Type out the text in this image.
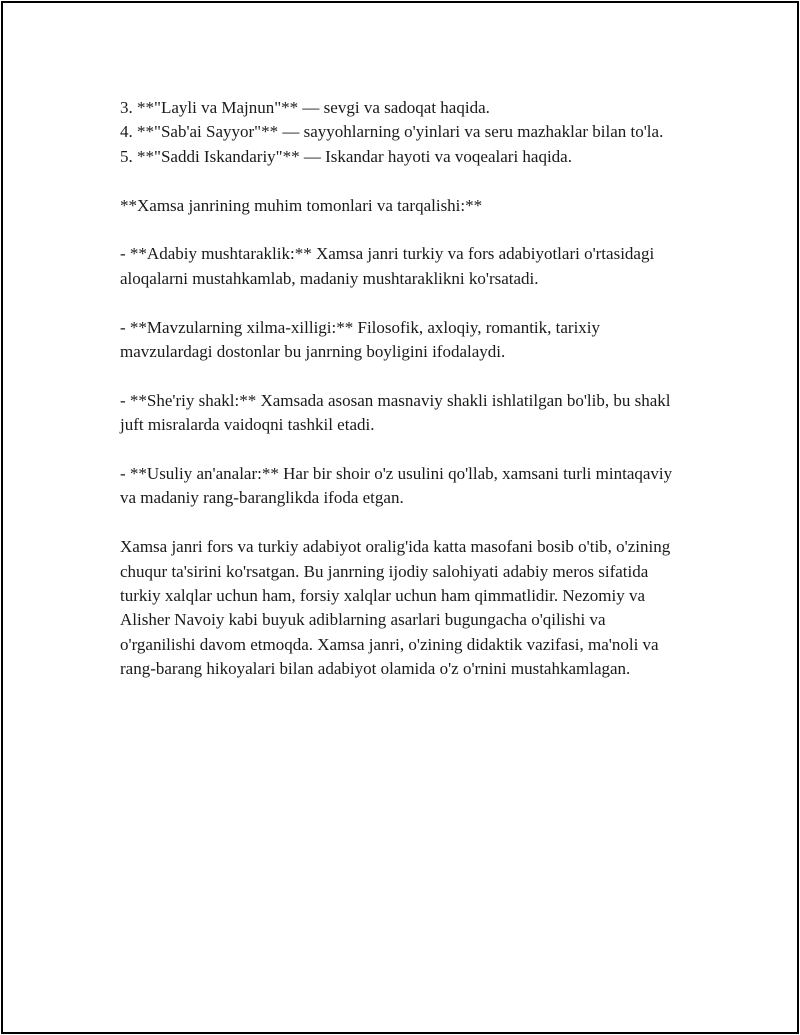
3. **"Layli va Majnun"** — sevgi va sadoqat haqida.
4. **"Sab'ai Sayyor"** — sayyohlarning o'yinlari va seru mazhaklar bilan to'la.
5. **"Saddi Iskandariy"** — Iskandar hayoti va voqealari haqida.
**Xamsa janrining muhim tomonlari va tarqalishi:**
- **Adabiy mushtaraklik:** Xamsa janri turkiy va fors adabiyotlari o'rtasidagi aloqalarni mustahkamlab, madaniy mushtaraklikni ko'rsatadi.
- **Mavzularning xilma-xilligi:** Filosofik, axloqiy, romantik, tarixiy mavzulardagi dostonlar bu janrning boyligini ifodalaydi.
- **She'riy shakl:** Xamsada asosan masnaviy shakli ishlatilgan bo'lib, bu shakl juft misralarda vaidoqni tashkil etadi.
- **Usuliy an'analar:** Har bir shoir o'z usulini qo'llab, xamsani turli mintaqaviy va madaniy rang-baranglikda ifoda etgan.
Xamsa janri fors va turkiy adabiyot oralig'ida katta masofani bosib o'tib, o'zining chuqur ta'sirini ko'rsatgan. Bu janrning ijodiy salohiyati adabiy meros sifatida turkiy xalqlar uchun ham, forsiy xalqlar uchun ham qimmatlidir. Nezomiy va Alisher Navoiy kabi buyuk adiblarning asarlari bugungacha o'qilishi va o'rganilishi davom etmoqda. Xamsa janri, o'zining didaktik vazifasi, ma'noli va rang-barang hikoyalari bilan adabiyot olamida o'z o'rnini mustahkamlagan.
